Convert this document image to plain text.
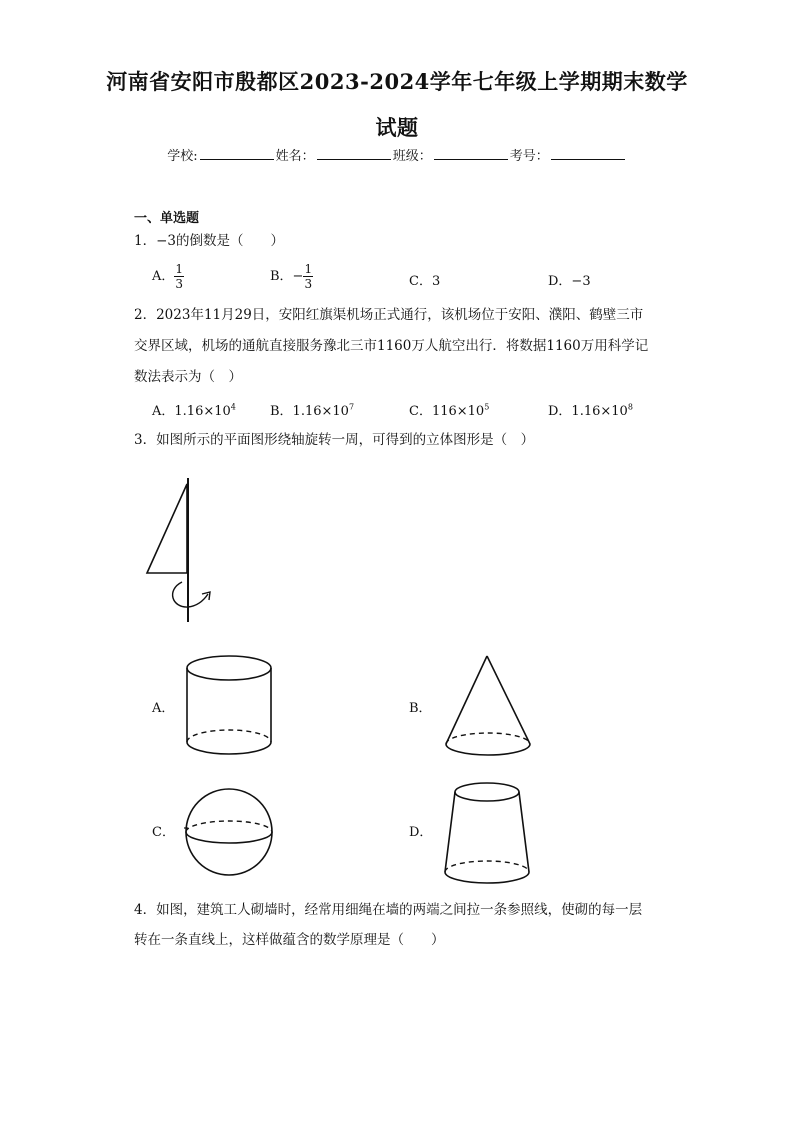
河南省安阳市殷都区2023-2024学年七年级上学期期末数学
试题
学校:	姓名：	班级：	考号：
一、单选题
1．−3的倒数是（　　）
A． $\frac{1}{3}$	B．− $\frac{1}{3}$	C．3	D．−3
2．2023年11月29日，安阳红旗渠机场正式通行，该机场位于安阳、濮阳、鹤壁三市
交界区域，机场的通航直接服务豫北三市1160万人航空出行．将数据1160万用科学记
数法表示为（　）
A．$1.16\times 10^4$	B．$1.16\times 10^7$	C．$116\times 10^5$	D．$1.16\times 10^8$
3．如图所示的平面图形绕轴旋转一周，可得到的立体图形是（　）
A．	B．
C．	D．
4．如图，建筑工人砌墙时，经常用细绳在墙的两端之间拉一条参照线，使砌的每一层
转在一条直线上，这样做蕴含的数学原理是（　　）
